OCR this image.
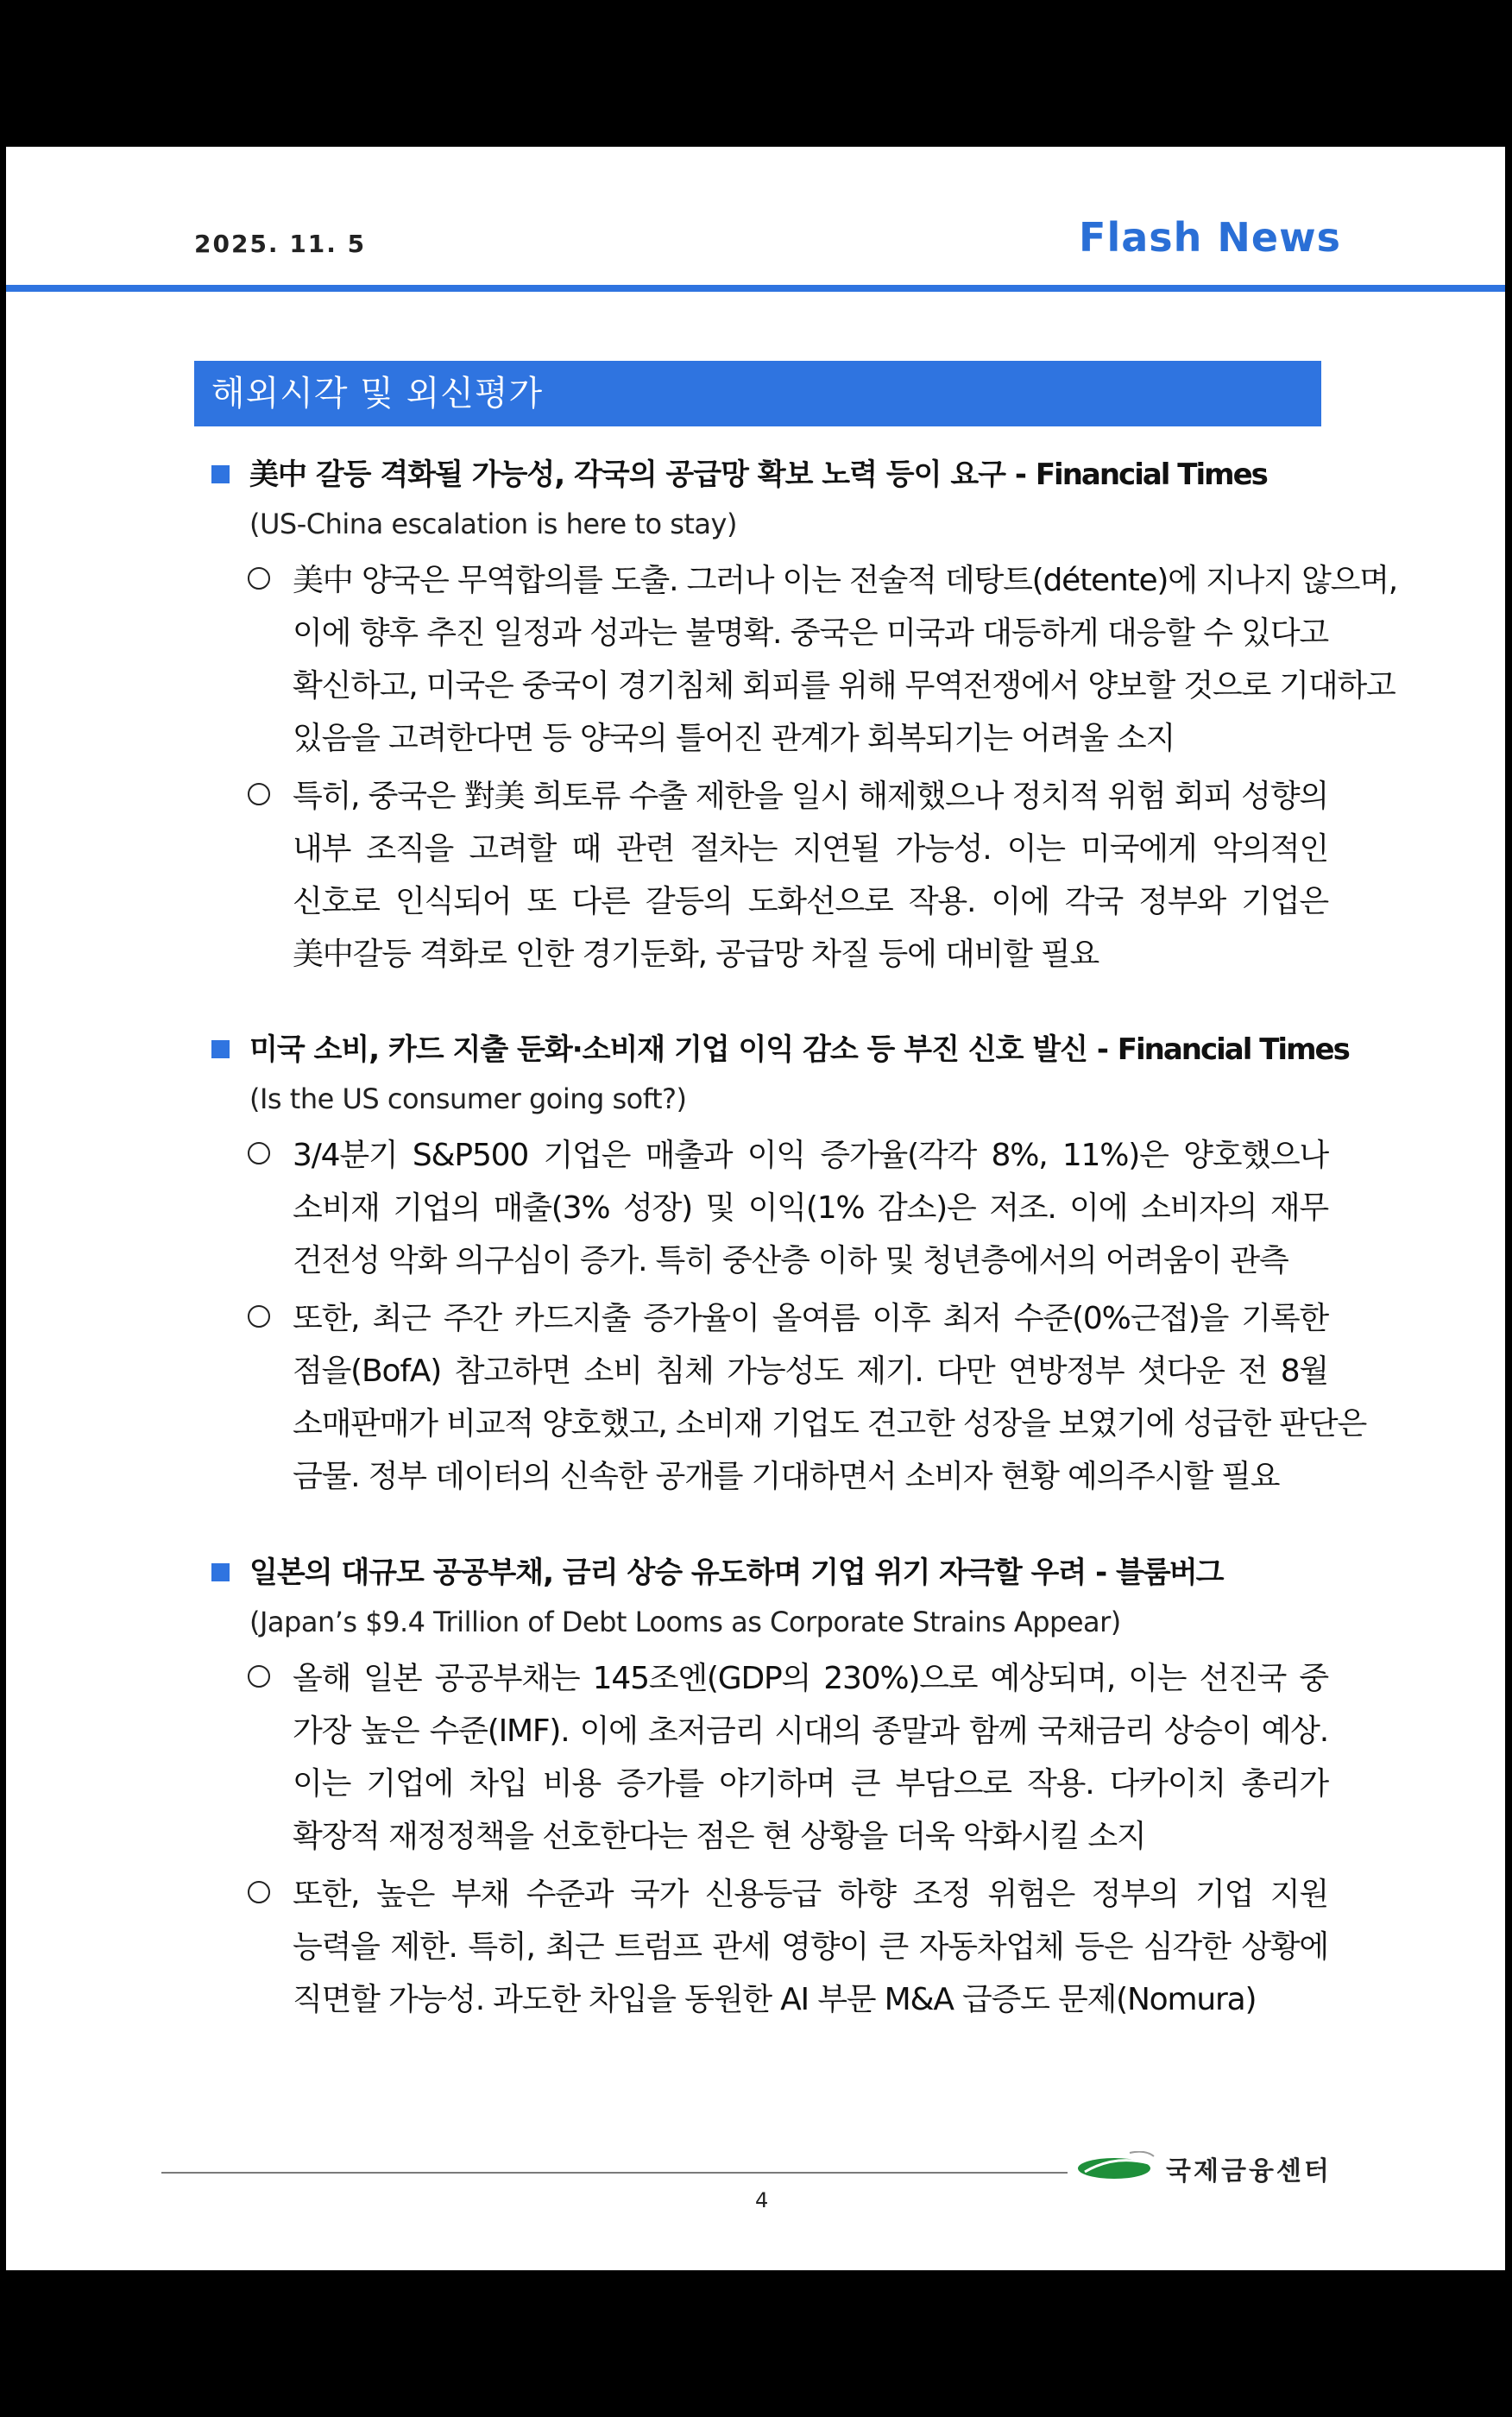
2025. 11. 5	Flash News
해외시각 및 외신평가
美中 갈등 격화될 가능성, 각국의 공급망 확보 노력 등이 요구 - Financial Times
(US-China escalation is here to stay)
美中 양국은 무역합의를 도출. 그러나 이는 전술적 데탕트(détente)에 지나지 않으며,
이에 향후 추진 일정과 성과는 불명확. 중국은 미국과 대등하게 대응할 수 있다고
확신하고, 미국은 중국이 경기침체 회피를 위해 무역전쟁에서 양보할 것으로 기대하고
있음을 고려한다면 등 양국의 틀어진 관계가 회복되기는 어려울 소지
특히, 중국은 對美 희토류 수출 제한을 일시 해제했으나 정치적 위험 회피 성향의
내부 조직을 고려할 때 관련 절차는 지연될 가능성. 이는 미국에게 악의적인
신호로 인식되어 또 다른 갈등의 도화선으로 작용. 이에 각국 정부와 기업은
美中갈등 격화로 인한 경기둔화, 공급망 차질 등에 대비할 필요
미국 소비, 카드 지출 둔화·소비재 기업 이익 감소 등 부진 신호 발신 - Financial Times
(Is the US consumer going soft?)
3/4분기 S&P500 기업은 매출과 이익 증가율(각각 8%, 11%)은 양호했으나
소비재 기업의 매출(3% 성장) 및 이익(1% 감소)은 저조. 이에 소비자의 재무
건전성 악화 의구심이 증가. 특히 중산층 이하 및 청년층에서의 어려움이 관측
또한, 최근 주간 카드지출 증가율이 올여름 이후 최저 수준(0%근접)을 기록한
점을(BofA) 참고하면 소비 침체 가능성도 제기. 다만 연방정부 셧다운 전 8월
소매판매가 비교적 양호했고, 소비재 기업도 견고한 성장을 보였기에 성급한 판단은
금물. 정부 데이터의 신속한 공개를 기대하면서 소비자 현황 예의주시할 필요
일본의 대규모 공공부채, 금리 상승 유도하며 기업 위기 자극할 우려 - 블룸버그
(Japan’s $9.4 Trillion of Debt Looms as Corporate Strains Appear)
올해 일본 공공부채는 145조엔(GDP의 230%)으로 예상되며, 이는 선진국 중
가장 높은 수준(IMF). 이에 초저금리 시대의 종말과 함께 국채금리 상승이 예상.
이는 기업에 차입 비용 증가를 야기하며 큰 부담으로 작용. 다카이치 총리가
확장적 재정정책을 선호한다는 점은 현 상황을 더욱 악화시킬 소지
또한, 높은 부채 수준과 국가 신용등급 하향 조정 위험은 정부의 기업 지원
능력을 제한. 특히, 최근 트럼프 관세 영향이 큰 자동차업체 등은 심각한 상황에
직면할 가능성. 과도한 차입을 동원한 AI 부문 M&A 급증도 문제(Nomura)
국제금융센터
4
